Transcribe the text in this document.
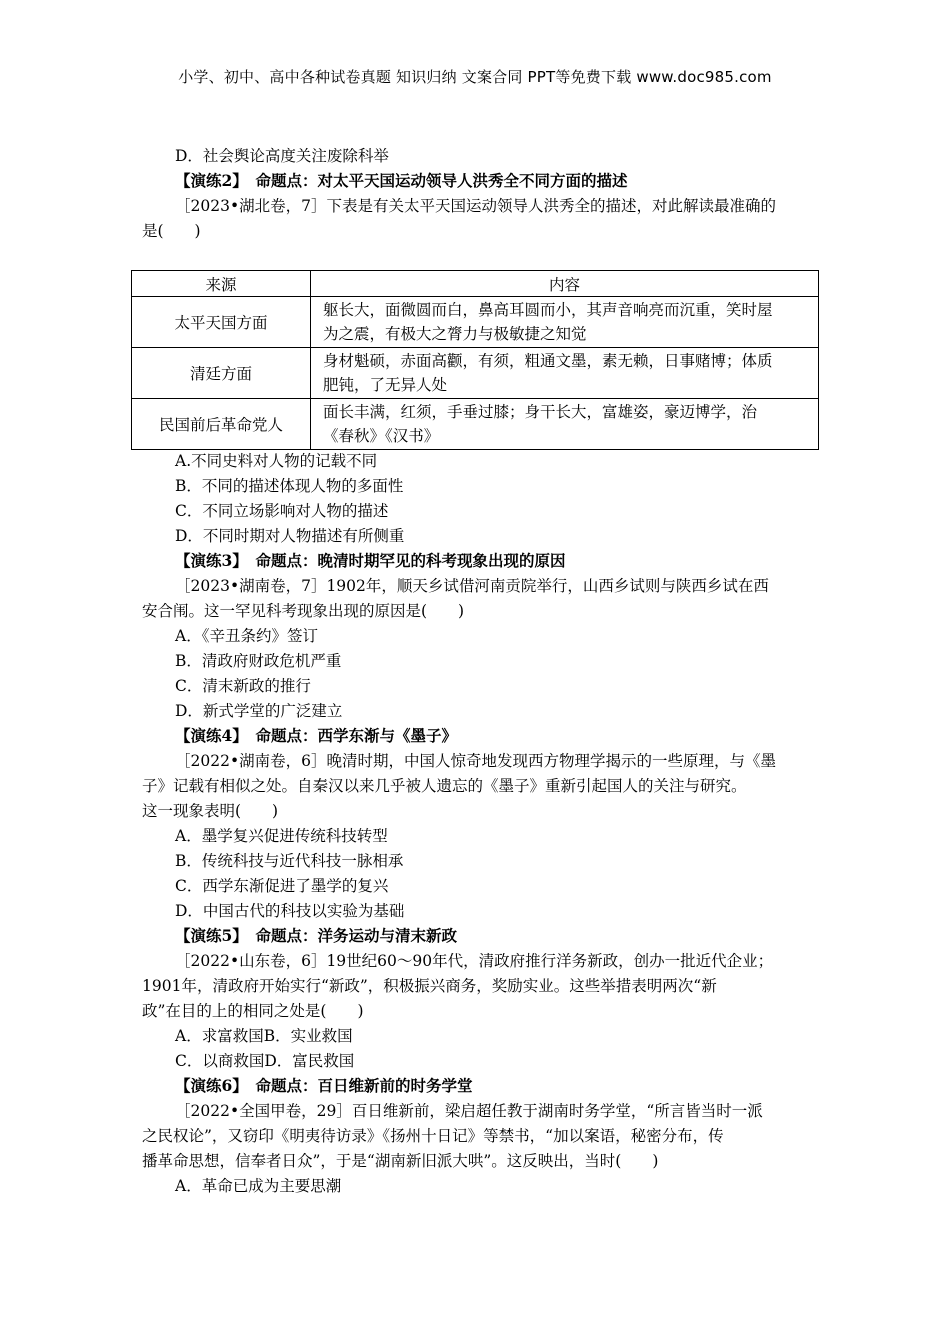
小学、初中、高中各种试卷真题 知识归纳 文案合同 PPT等免费下载 www.doc985.com
D．社会舆论高度关注废除科举
【演练2】　命题点：对太平天国运动领导人洪秀全不同方面的描述
［2023•湖北卷，7］下表是有关太平天国运动领导人洪秀全的描述，对此解读最准确的
是(　　)
来源	内容
太平天国方面	躯长大，面微圆而白，鼻高耳圆而小，其声音响亮而沉重，笑时屋
为之震，有极大之膂力与极敏捷之知觉

清廷方面	身材魁硕，赤面高颧，有须，粗通文墨，素无赖，日事赌博；体质
肥钝，了无异人处

民国前后革命党人	面长丰满，红须，手垂过膝；身干长大，富雄姿，豪迈博学，治
《春秋》《汉书》
A.不同史料对人物的记载不同
B．不同的描述体现人物的多面性
C．不同立场影响对人物的描述
D．不同时期对人物描述有所侧重
【演练3】　命题点：晚清时期罕见的科考现象出现的原因
［2023•湖南卷，7］1902年，顺天乡试借河南贡院举行，山西乡试则与陕西乡试在西
安合闱。这一罕见科考现象出现的原因是(　　)
A．《辛丑条约》签订
B．清政府财政危机严重
C．清末新政的推行
D．新式学堂的广泛建立
【演练4】　命题点：西学东渐与《墨子》
［2022•湖南卷，6］晚清时期，中国人惊奇地发现西方物理学揭示的一些原理，与《墨
子》记载有相似之处。自秦汉以来几乎被人遗忘的《墨子》重新引起国人的关注与研究。
这一现象表明(　　)
A．墨学复兴促进传统科技转型
B．传统科技与近代科技一脉相承
C．西学东渐促进了墨学的复兴
D．中国古代的科技以实验为基础
【演练5】　命题点：洋务运动与清末新政
［2022•山东卷，6］19世纪60～90年代，清政府推行洋务新政，创办一批近代企业；
1901年，清政府开始实行“新政”，积极振兴商务，奖励实业。这些举措表明两次“新
政”在目的上的相同之处是(　　)
A．求富救国B．实业救国
C．以商救国D．富民救国
【演练6】　命题点：百日维新前的时务学堂
［2022•全国甲卷，29］百日维新前，梁启超任教于湖南时务学堂，“所言皆当时一派
之民权论”，又窃印《明夷待访录》《扬州十日记》等禁书，“加以案语，秘密分布，传
播革命思想，信奉者日众”，于是“湖南新旧派大哄”。这反映出，当时(　　)
A．革命已成为主要思潮
